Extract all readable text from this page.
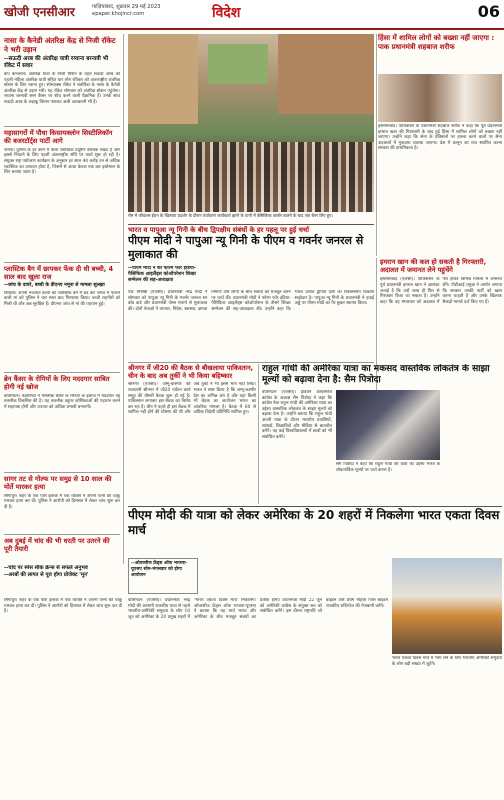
खोजी एनसीआर	गाज़ियाबाद, शुक्रवार 29 मई 2023
epaper.khojincr.com	विदेश	06
नासा के कैनेडी अंतरिक्ष केंद्र से निजी रॉकेट ने भरी उड़ान
--सऊदी अरब की अंतरिक्ष यात्री रय्याना बरनावी भी रॉकेट में सवार
केप कैनवरल। अंतरिक्ष यात्रा के निजी मिशन के तहत सऊदी अरब की पहली महिला अंतरिक्ष यात्री सहित चार लोग रविवार को अंतरराष्ट्रीय अंतरिक्ष स्टेशन के लिए रवाना हुए। स्पेसएक्स रॉकेट ने फ्लोरिडा के नासा के कैनेडी अंतरिक्ष केंद्र से उड़ान भरी। यह रॉकेट सोमवार को अंतरिक्ष स्टेशन पहुंचेगा। रय्याना बरनावी स्तन कैंसर पर शोध करने वाली वैज्ञानिक हैं। उनके साथ सऊदी अरब के लड़ाकू विमान पायलट अली अलकरनी भी हैं।
महासागरों में पौधा किसायक्लोन सिस्टीलिकॉन की बजरटॉर्ट्स पार्टी आगे
जेनेवा। दुनिया के हर कोने में फैला प्लास्टिक प्रदूषण वैश्विक संकट है और इससे निपटने के लिए पहली अंतरराष्ट्रीय संधि पर वार्ता शुरू हो रही है। संयुक्त राष्ट्र पर्यावरण कार्यक्रम के अनुसार हर साल 40 करोड़ टन से अधिक प्लास्टिक का उत्पादन होता है, जिसमें से आधा केवल एक बार इस्तेमाल के लिए बनाया जाता है।
प्लास्टिक बैग में छापकर फेंक दी थी बच्ची, 4 साल बाद खुला राज
--जांच के दायरे, बच्ची के डीएनए नमूना से मामला सुलझा
विदिशा। अपनी नवजात बच्ची को प्लास्टिक बैग में बंद कर जंगल में फेंकने वाली मां को पुलिस ने चार साल बाद गिरफ्तार किया। बच्ची राहगीरों को मिली थी और अब सुरक्षित है। डीएनए जांच से मां की पहचान हुई।
ब्रेन कैंसर के रोगियों के लिए मददगार साबित होगी नई खोज
वाशिंगटन। वैज्ञानिकों ने मस्तिष्क कैंसर के मरीजों के इलाज में मददगार नई तकनीक विकसित की है। यह तकनीक ट्यूमर कोशिकाओं की पहचान करने में सहायक होगी और उपचार को अधिक प्रभावी बनाएगी।
सागर तट से गोल्फ पर समुद्र से 10 साल की मोर्ते मारकर हत्या
सिंगापुर। शहर के एक पॉश इलाके में एक व्यक्ति ने अपनी पत्नी की चाकू मारकर हत्या कर दी। पुलिस ने आरोपी को हिरासत में लेकर जांच शुरू कर दी है।
अब दुबई में चांद की भी धरती पर उतरने की पूरी तैयारी
--चांद पर स्पेस सीक क्रेन्स से सफले अनुभव
--अरबों की लागत से पूरा होगा प्रोजेक्ट 'मून'
रोम में जीवाश्म ईंधन के खिलाफ प्रदर्शन के दौरान पर्यावरण कार्यकर्ता झरने के पानी में बेसिलिका कार्बन डालने के बाद एक बैनर लिए हुए।
हिंसा में शामिल लोगों को बख्शा नहीं जाएगा : पाक प्रधानमंत्री शहबाज शरीफ
इस्लामाबाद। पाकिस्तान के प्रधानमंत्री शहबाज शरीफ ने कहा कि पूर्व प्रधानमंत्री इमरान खान की गिरफ्तारी के बाद हुई हिंसा में शामिल लोगों को बख्शा नहीं जाएगा। उन्होंने कहा कि सेना के प्रतिष्ठानों पर हमला करने वालों पर सैन्य अदालतों में मुकदमा चलाया जाएगा। देश में कानून का राज स्थापित करना सरकार की प्राथमिकता है।
भारत व पापुआ न्यू गिनी के बीच द्विपक्षीय संबंधों के हर पहलू पर हुई चर्चा
पीएम मोदी ने पापुआ न्यू गिनी के पीएम व गवर्नर जनरल से मुलाकात की
--पीएम मोदी ने की फोरम फॉर इंडिया-पैसिफिक आइलैंड्स कोऑपरेशन शिखर सम्मेलन की सह-अध्यक्षता
पोर्ट मोरेस्बी (एजेंसी)। प्रधानमंत्री नरेंद्र मोदी ने सोमवार को पापुआ न्यू गिनी के गवर्नर जनरल सर बॉब डाडे और प्रधानमंत्री जेम्स मारापे से मुलाकात की। दोनों नेताओं ने व्यापार, निवेश, स्वास्थ्य, क्षमता निर्माण और लोगों के बीच संबंधों को मजबूत करने पर चर्चा की। प्रधानमंत्री मोदी ने फोरम फॉर इंडिया-पैसिफिक आइलैंड्स कोऑपरेशन के तीसरे शिखर सम्मेलन की सह-अध्यक्षता की। उन्होंने कहा कि भारत प्रशांत द्वीपीय देशों का विश्वसनीय विकास साझेदार है। पापुआ न्यू गिनी के प्रधानमंत्री ने हवाई अड्डे पर पीएम मोदी का पैर छूकर स्वागत किया।
इमरान खान की कल हो सकती है गिरफ्तारी,
अदालत में जमानत लेने पहुंचेंगे
इस्लामाबाद (एजेंसी)। पाकिस्तान के पूर्व प्रधानमंत्री इमरान खान ने आशंका जताई है कि उन्हें जल्द ही फिर से गिरफ्तार किया जा सकता है। उन्होंने कहा कि वह मंगलवार को अदालत में पेश होकर विभिन्न मामलों में जमानत लेंगे। पीटीआई प्रमुख ने आरोप लगाया कि सरकार उनकी पार्टी को खत्म करना चाहती है और उनके खिलाफ सैकड़ों मामले दर्ज किए गए हैं।
श्रीनगर में जी20 की बैठक से बौखलाया पाकिस्तान, चीन के बाद अब तुर्की ने भी किया बहिष्कार
श्रीनगर (एजेंसी)। जम्मू-कश्मीर की राजधानी श्रीनगर में जी20 पर्यटन कार्य समूह की तीसरी बैठक शुरू हो गई है। पाकिस्तान लगातार इस बैठक का विरोध कर रहा है। चीन ने पहले ही इस बैठक में शामिल नहीं होने की घोषणा की थी और अब तुर्की ने भी इसमें भाग नहीं लिया। भारत ने स्पष्ट किया है कि जम्मू-कश्मीर देश का अभिन्न अंग है और यहां किसी भी बैठक का आयोजन भारत का आंतरिक मामला है। बैठक में 60 से अधिक विदेशी प्रतिनिधि शामिल हुए।
राहुल गांधी की अमेरिका यात्रा का मकसद वास्तविक लोकतंत्र के साझा मूल्यों को बढ़ावा देना है: सैम पित्रोदा
वाशिंगटन (एजेंसी)। इंडियन ओवरसीज कांग्रेस के अध्यक्ष सैम पित्रोदा ने कहा कि कांग्रेस नेता राहुल गांधी की अमेरिका यात्रा का उद्देश्य वास्तविक लोकतंत्र के साझा मूल्यों को बढ़ावा देना है। उन्होंने बताया कि राहुल गांधी अपनी यात्रा के दौरान भारतीय प्रवासियों, सांसदों, शिक्षाविदों और मीडिया से बातचीत करेंगे। वह कई विश्वविद्यालयों में छात्रों को भी संबोधित करेंगे।
सैम पित्रोदा ने कहा कि राहुल गांधी की यात्रा का उद्देश्य भारत के लोकतांत्रिक मूल्यों पर चर्चा करना है।
पीएम मोदी की यात्रा को लेकर अमेरिका के 20 शहरों में निकलेगा भारत एकता दिवस मार्च
--ओवरसीज फ्रेंड्स ऑफ भाजपा-यूएसए सोम-मंगलवार को होगा आयोजन
वाशिंगटन (एजेंसी)। प्रधानमंत्री नरेंद्र मोदी की आगामी राजकीय यात्रा से पहले भारतीय-अमेरिकी समुदाय के लोग 18 जून को अमेरिका के 20 प्रमुख शहरों में 'भारत एकता दिवस मार्च' निकालेंगे। ओवरसीज फ्रेंड्स ऑफ भाजपा-यूएसए ने बताया कि यह मार्च भारत और अमेरिका के बीच मजबूत संबंधों का प्रतीक होगा। प्रधानमंत्री मोदी 22 जून को अमेरिकी कांग्रेस के संयुक्त सत्र को संबोधित करेंगे। इस दौरान राष्ट्रपति जो बाइडन और प्रथम महिला जिल बाइडन राजकीय रात्रिभोज की मेजबानी करेंगे।
भारत एकता दिवस मार्च में भाग लेने के लिए भारतीय अमेरिकी समुदाय के लोग बड़ी संख्या में जुटेंगे।
सिंगापुर। शहर के एक पॉश इलाके में एक व्यक्ति ने अपनी पत्नी की चाकू मारकर हत्या कर दी। पुलिस ने आरोपी को हिरासत में लेकर जांच शुरू कर दी है।
